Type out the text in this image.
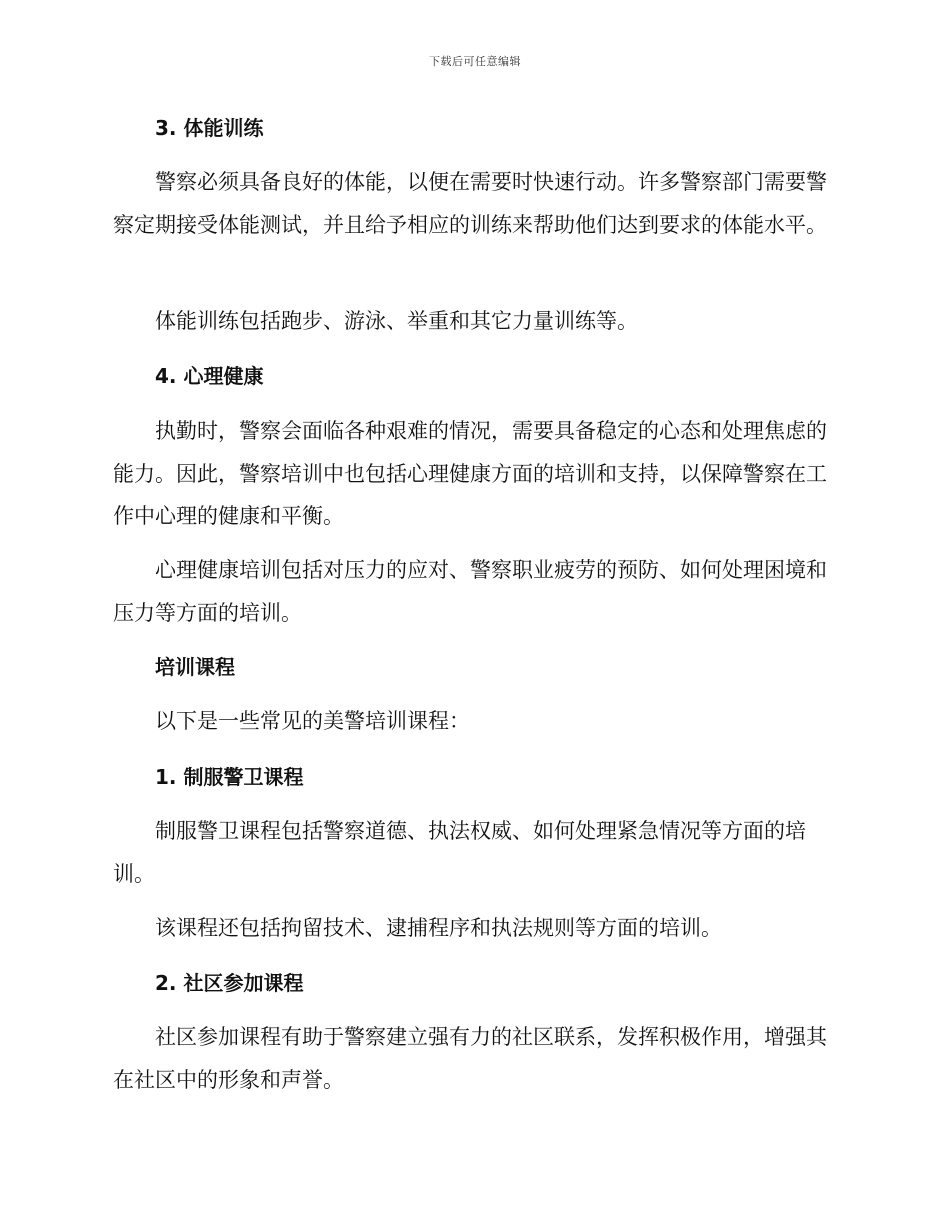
下载后可任意编辑
3. 体能训练

警察必须具备良好的体能，以便在需要时快速行动。许多警察部门需要警察定期接受体能测试，并且给予相应的训练来帮助他们达到要求的体能水平。

体能训练包括跑步、游泳、举重和其它力量训练等。

4. 心理健康

执勤时，警察会面临各种艰难的情况，需要具备稳定的心态和处理焦虑的能力。因此，警察培训中也包括心理健康方面的培训和支持，以保障警察在工作中心理的健康和平衡。

心理健康培训包括对压力的应对、警察职业疲劳的预防、如何处理困境和压力等方面的培训。

培训课程

以下是一些常见的美警培训课程：

1. 制服警卫课程

制服警卫课程包括警察道德、执法权威、如何处理紧急情况等方面的培训。

该课程还包括拘留技术、逮捕程序和执法规则等方面的培训。

2. 社区参加课程

社区参加课程有助于警察建立强有力的社区联系，发挥积极作用，增强其在社区中的形象和声誉。
